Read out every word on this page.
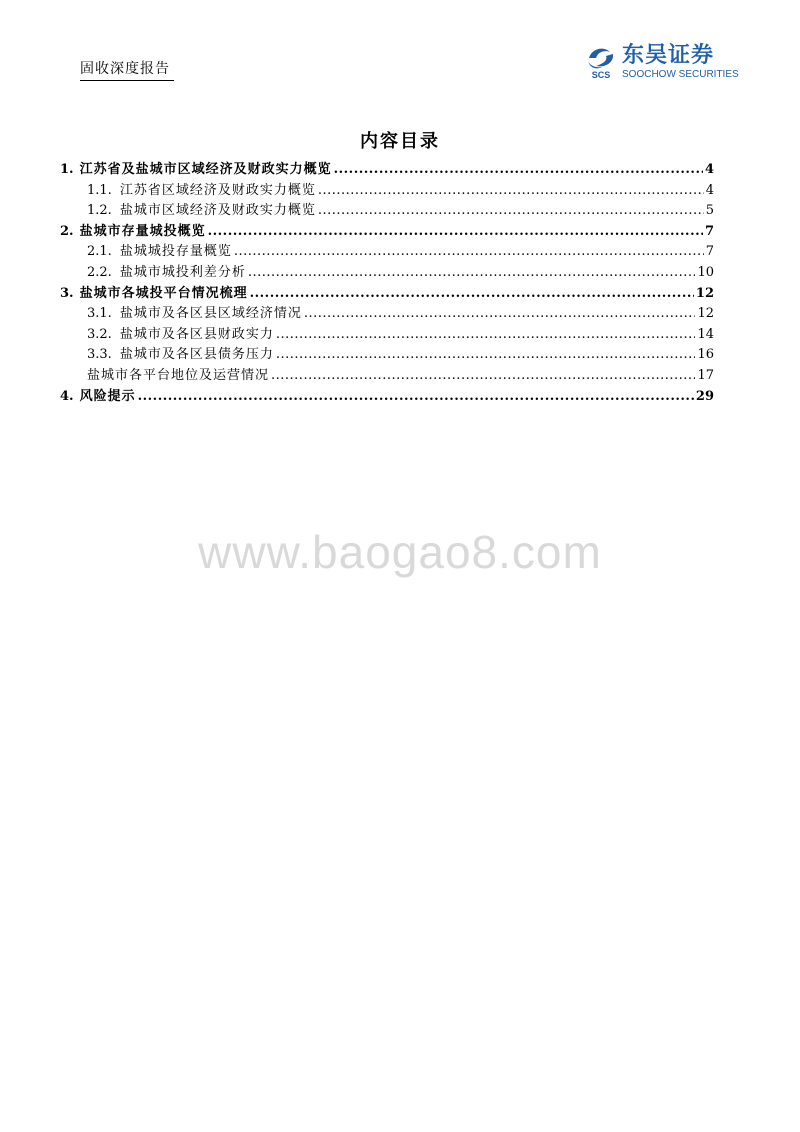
固收深度报告	SCS
东吴证券
SOOCHOW SECURITIES
内容目录
1. 江苏省及盐城市区域经济及财政实力概览 .....	4
1.1. 江苏省区域经济及财政实力概览 .....	4
1.2. 盐城市区域经济及财政实力概览 .....	5
2. 盐城市存量城投概览 .....	7
2.1. 盐城城投存量概览 .....	7
2.2. 盐城市城投利差分析 .....	10
3. 盐城市各城投平台情况梳理 .....	12
3.1. 盐城市及各区县区域经济情况 .....	12
3.2. 盐城市及各区县财政实力 .....	14
3.3. 盐城市及各区县债务压力 .....	16
盐城市各平台地位及运营情况 .....	17
4. 风险提示 .....	29
www.baogao8.com
